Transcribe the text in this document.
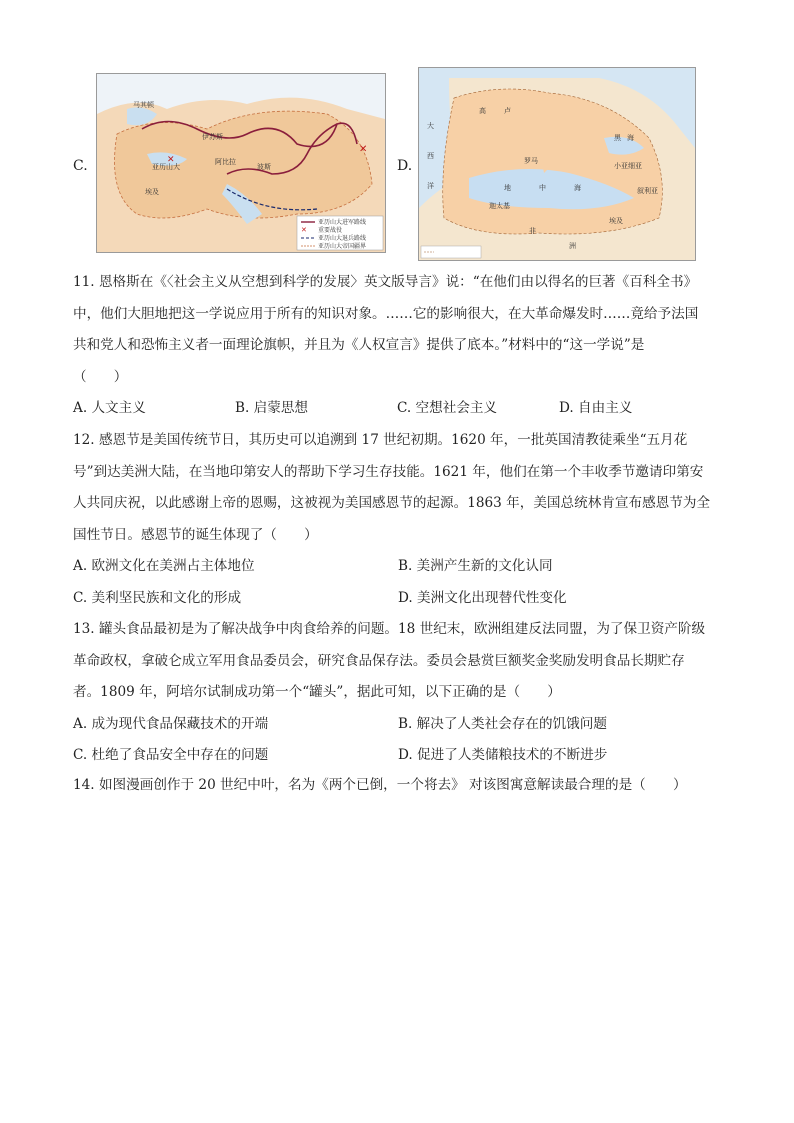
C.
✕
✕
马其顿
伊苏斯
亚历山大
阿比拉
埃及
波斯
✕
亚历山大进军路线
重要战役
亚历山大退兵路线
亚历山大帝国疆界
D.
大
西
洋
高	卢
罗马
地	中	海
迦太基
小亚细亚
叙利亚
埃及
非
洲
黑 海
11. 恩格斯在《〈社会主义从空想到科学的发展〉英文版导言》说：“在他们由以得名的巨著《百科全书》
中，他们大胆地把这一学说应用于所有的知识对象。……它的影响很大，在大革命爆发时……竟给予法国
共和党人和恐怖主义者一面理论旗帜，并且为《人权宣言》提供了底本。”材料中的“这一学说”是
（　　）
A. 人文主义	B. 启蒙思想	C. 空想社会主义	D. 自由主义
12. 感恩节是美国传统节日，其历史可以追溯到 17 世纪初期。1620 年，一批英国清教徒乘坐“五月花
号”到达美洲大陆，在当地印第安人的帮助下学习生存技能。1621 年，他们在第一个丰收季节邀请印第安
人共同庆祝，以此感谢上帝的恩赐，这被视为美国感恩节的起源。1863 年，美国总统林肯宣布感恩节为全
国性节日。感恩节的诞生体现了（　　）
A. 欧洲文化在美洲占主体地位	B. 美洲产生新的文化认同
C. 美利坚民族和文化的形成	D. 美洲文化出现替代性变化
13. 罐头食品最初是为了解决战争中肉食给养的问题。18 世纪末，欧洲组建反法同盟，为了保卫资产阶级
革命政权，拿破仑成立军用食品委员会，研究食品保存法。委员会悬赏巨额奖金奖励发明食品长期贮存
者。1809 年，阿培尔试制成功第一个“罐头”，据此可知，以下正确的是（　　）
A. 成为现代食品保藏技术的开端	B. 解决了人类社会存在的饥饿问题
C. 杜绝了食品安全中存在的问题	D. 促进了人类储粮技术的不断进步
14. 如图漫画创作于 20 世纪中叶，名为《两个已倒，一个将去》 对该图寓意解读最合理的是（　　）
